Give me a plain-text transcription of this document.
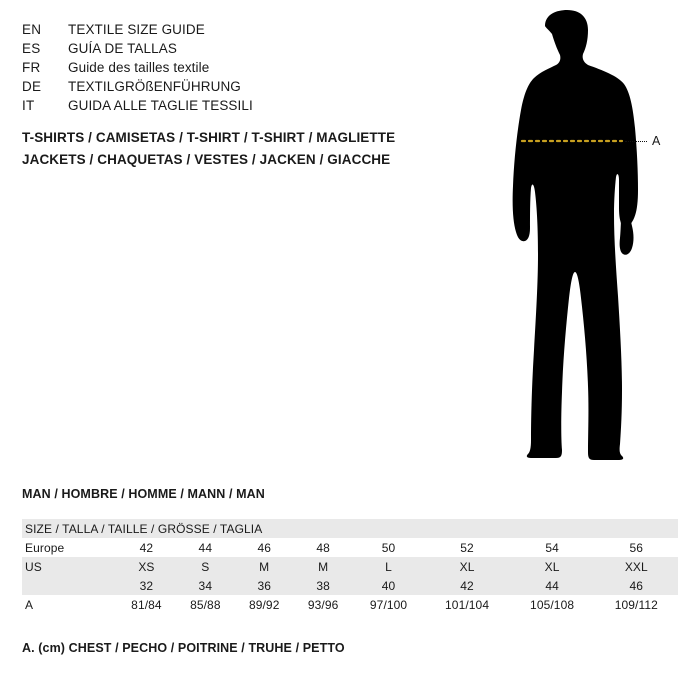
EN	TEXTILE SIZE GUIDE
ES	GUÍA DE TALLAS
FR	Guide des tailles textile
DE	TEXTILGRÖßENFÜHRUNG
IT	GUIDA ALLE TAGLIE TESSILI
T-SHIRTS / CAMISETAS / T-SHIRT / T-SHIRT / MAGLIETTE
JACKETS / CHAQUETAS / VESTES / JACKEN / GIACCHE
A
MAN / HOMBRE / HOMME / MANN / MAN
SIZE / TALLA / TAILLE / GRÖSSE / TAGLIA								
Europe	42	44	46	48	50	52	54	56
US	XS	S	M	M	L	XL	XL	XXL
	32	34	36	38	40	42	44	46
A	81/84	85/88	89/92	93/96	97/100	101/104	105/108	109/112
A. (cm) CHEST / PECHO / POITRINE / TRUHE / PETTO
